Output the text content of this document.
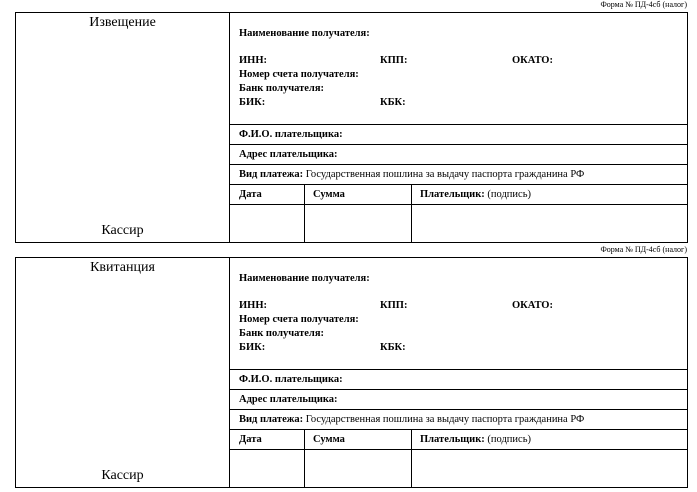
Форма № ПД-4сб (налог)
Извещение
Кассир
Наименование получателя:
ИНН:	КПП:	ОКАТО:
Номер счета получателя:
Банк получателя:
БИК:	КБК:
Ф.И.О. плательщика:
Адрес плательщика:
Вид платежа: Государственная пошлина за выдачу паспорта гражданина РФ
Дата	Сумма	Плательщик: (подпись)
Форма № ПД-4сб (налог)
Квитанция
Кассир
Наименование получателя:
ИНН:	КПП:	ОКАТО:
Номер счета получателя:
Банк получателя:
БИК:	КБК:
Ф.И.О. плательщика:
Адрес плательщика:
Вид платежа: Государственная пошлина за выдачу паспорта гражданина РФ
Дата	Сумма	Плательщик: (подпись)
